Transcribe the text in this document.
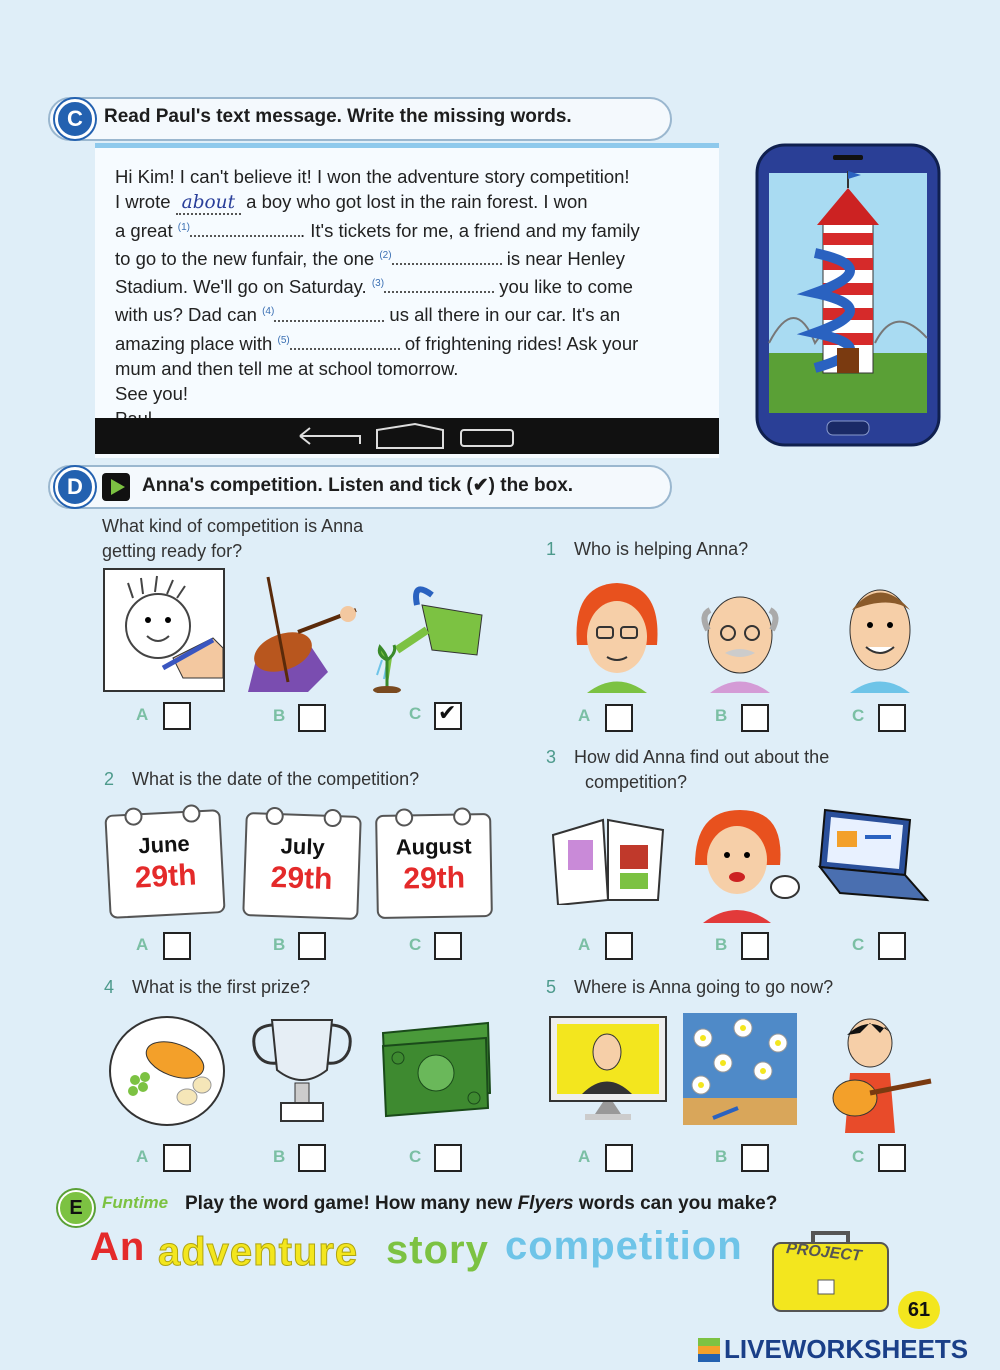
C	Read Paul's text message. Write the missing words.
Hi Kim! I can't believe it! I won the adventure story competition!
I wrote about a boy who got lost in the rain forest. I won
a great $^{(1)}$	. It's tickets for me, a friend and my family
to go to the new funfair, the one $^{(2)}$	is near Henley
Stadium. We'll go on Saturday. $^{(3)}$	you like to come
with us? Dad can $^{(4)}$	us all there in our car. It's an
amazing place with $^{(5)}$	of frightening rides! Ask your
mum and then tell me at school tomorrow.
See you!
D	Anna's competition. Listen and tick (✔) the box.
What kind of competition is Anna
getting ready for?
A	B	C ✔
1 Who is helping Anna?
A	B	C
2 What is the date of the competition?
June
29th
July
29th
August
29th
A	B	C
3 How did Anna find out about the
competition?
A	B	C
4 What is the first prize?
A	B	C
5 Where is Anna going to go now?
A	B	C
E	Funtime Play the word game! How many new Flyers words can you make?
An adventure story competition	PROJECT
61
LIVEWORKSHEETS
